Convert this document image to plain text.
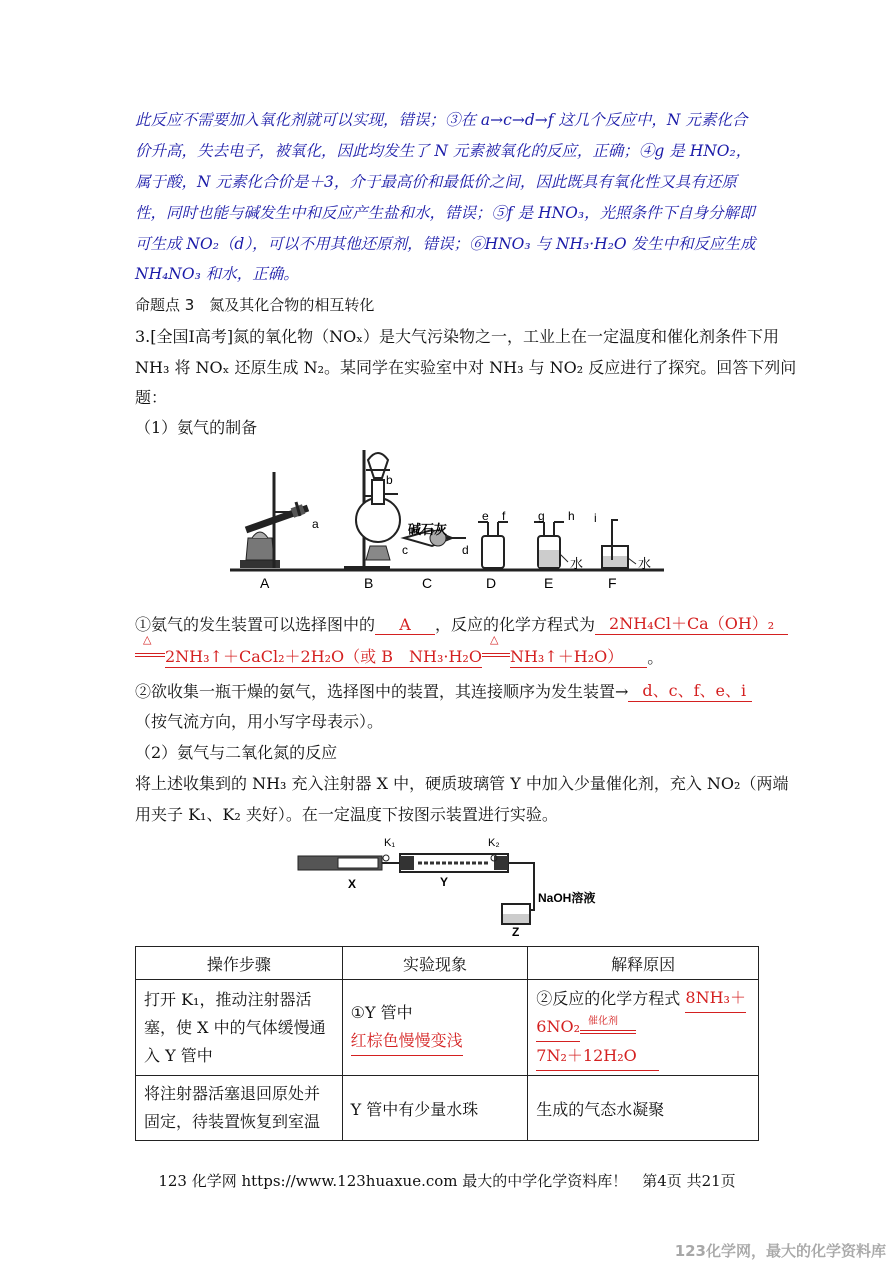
此反应不需要加入氧化剂就可以实现，错误；③在 a→c→d→f 这几个反应中，N 元素化合
价升高，失去电子，被氧化，因此均发生了 N 元素被氧化的反应，正确；④g 是 HNO₂，
属于酸，N 元素化合价是＋3，介于最高价和最低价之间，因此既具有氧化性又具有还原
性，同时也能与碱发生中和反应产生盐和水，错误；⑤f 是 HNO₃，光照条件下自身分解即
可生成 NO₂（d），可以不用其他还原剂，错误；⑥HNO₃ 与 NH₃·H₂O 发生中和反应生成
NH₄NO₃ 和水，正确。
命题点 3　氮及其化合物的相互转化
3.[全国Ⅰ高考]氮的氧化物（NOₓ）是大气污染物之一，工业上在一定温度和催化剂条件下用
NH₃ 将 NOₓ 还原生成 N₂。某同学在实验室中对 NH₃ 与 NO₂ 反应进行了探究。回答下列问
题：
（1）氨气的制备
A	B	C	D	E	F
a
b
c	d
e f	g h i
碱石灰
水	水
①氨气的发生装置可以选择图中的 A ，反应的化学方程式为 2NH₄Cl＋Ca（OH）₂
△
2NH₃↑＋CaCl₂＋2H₂O（或 B　NH₃·H₂O
△
NH₃↑＋H₂O） 。
②欲收集一瓶干燥的氨气，选择图中的装置，其连接顺序为发生装置→ d、c、f、e、i
（按气流方向，用小写字母表示）。
（2）氨气与二氧化氮的反应
将上述收集到的 NH₃ 充入注射器 X 中，硬质玻璃管 Y 中加入少量催化剂，充入 NO₂（两端
用夹子 K₁、K₂ 夹好）。在一定温度下按图示装置进行实验。
K₁	K₂
X	Y
Z
NaOH溶液
操作步骤	实验现象	解释原因
打开 K₁，推动注射器活塞，使 X 中的气体缓慢通入 Y 管中	①Y 管中 红棕色慢慢变浅	②反应的化学方程式 8NH₃＋
6NO₂ 催化剂
7N₂＋12H₂O
将注射器活塞退回原处并固定，待装置恢复到室温	Y 管中有少量水珠	生成的气态水凝聚
123 化学网 https://www.123huaxue.com 最大的中学化学资料库！　第4页 共21页
123化学网，最大的化学资料库
